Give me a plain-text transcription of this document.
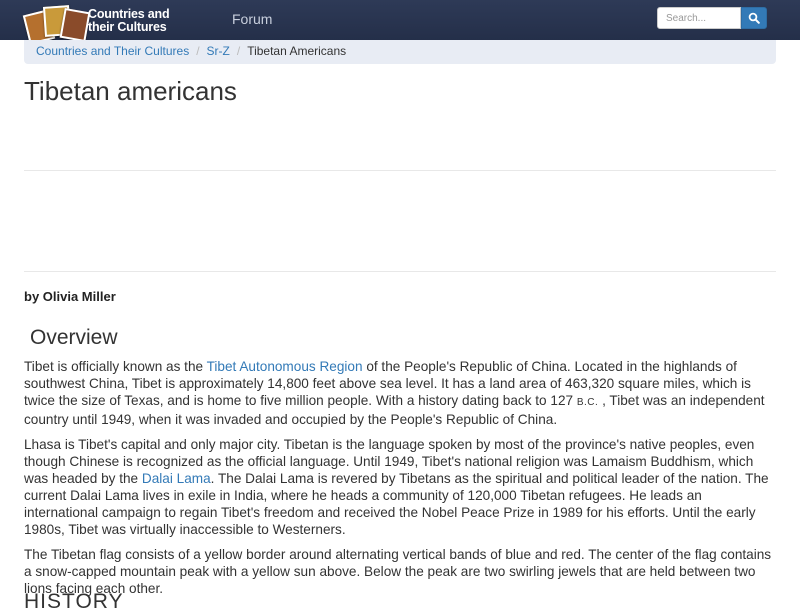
Countries and
their Cultures	Forum
Search...
Countries and Their Cultures / Sr-Z / Tibetan Americans
Tibetan americans
by Olivia Miller
Overview

Tibet is officially known as the Tibet Autonomous Region of the People's Republic of China. Located in the highlands of southwest China, Tibet is approximately 14,800 feet above sea level. It has a land area of 463,320 square miles, which is twice the size of Texas, and is home to five million people. With a history dating back to 127 B.C. , Tibet was an independent country until 1949, when it was invaded and occupied by the People's Republic of China.

Lhasa is Tibet's capital and only major city. Tibetan is the language spoken by most of the province's native peoples, even though Chinese is recognized as the official language. Until 1949, Tibet's national religion was Lamaism Buddhism, which was headed by the Dalai Lama. The Dalai Lama is revered by Tibetans as the spiritual and political leader of the nation. The current Dalai Lama lives in exile in India, where he heads a community of 120,000 Tibetan refugees. He leads an international campaign to regain Tibet's freedom and received the Nobel Peace Prize in 1989 for his efforts. Until the early 1980s, Tibet was virtually inaccessible to Westerners.

The Tibetan flag consists of a yellow border around alternating vertical bands of blue and red. The center of the flag contains a snow-capped mountain peak with a yellow sun above. Below the peak are two swirling jewels that are held between two lions facing each other.

HISTORY
